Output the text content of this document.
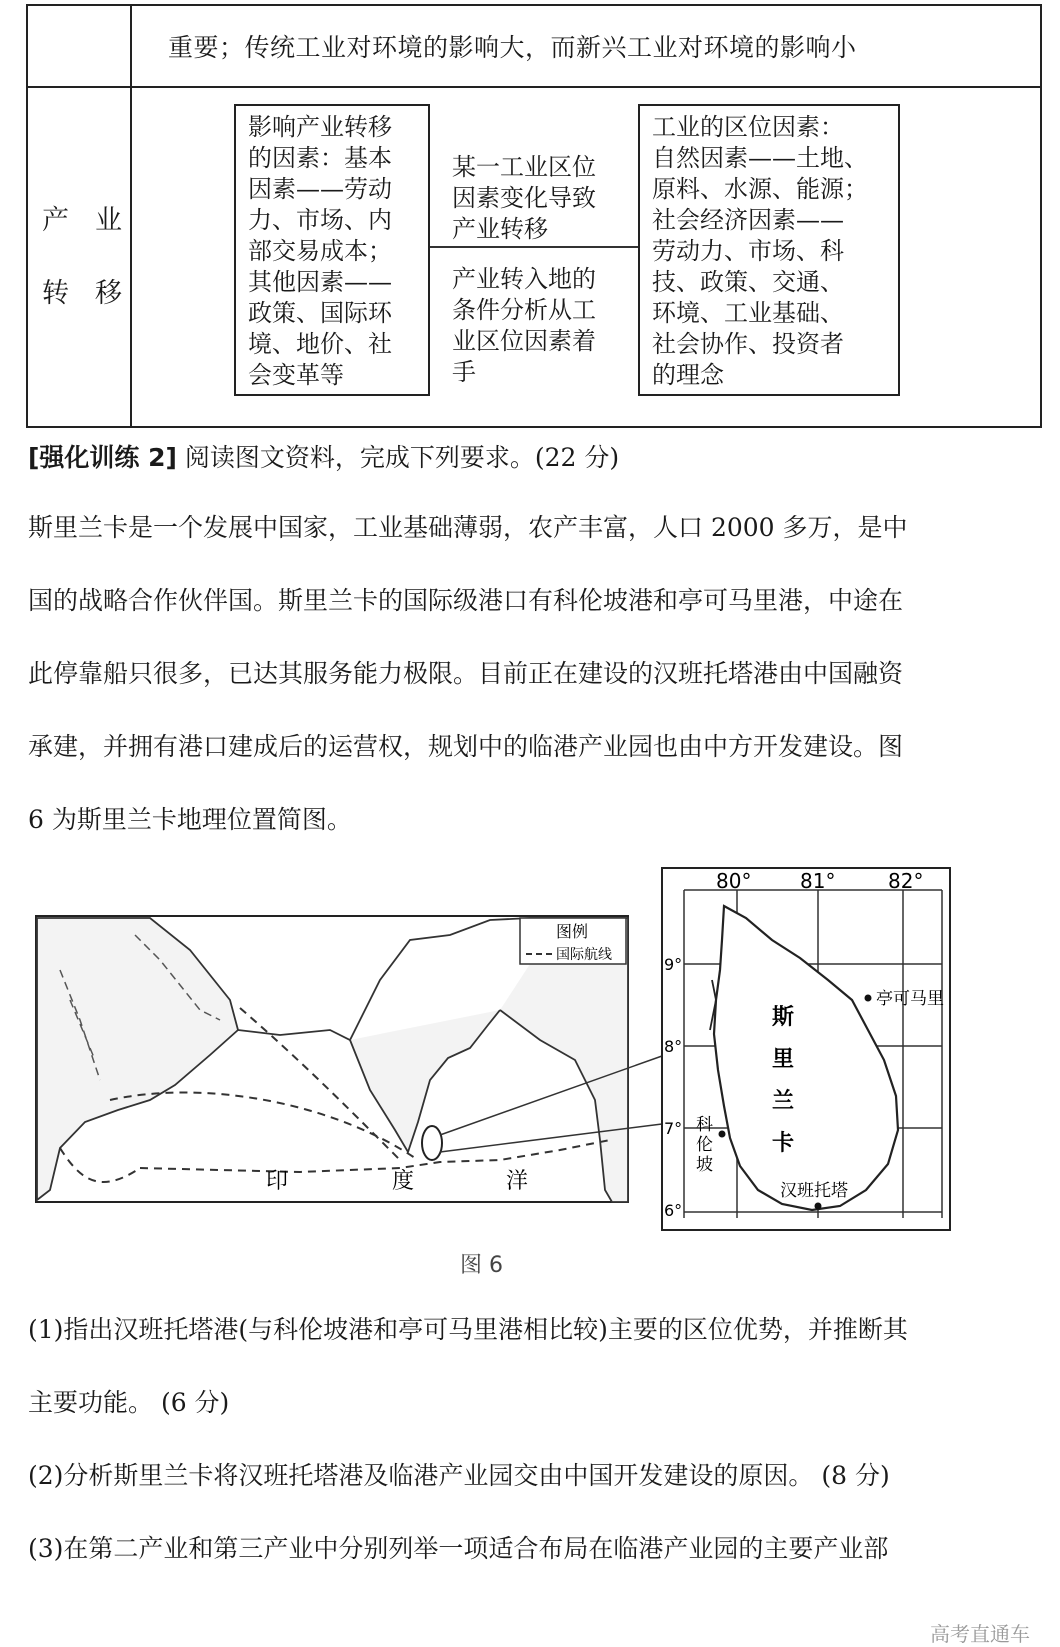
重要；传统工业对环境的影响大，而新兴工业对环境的影响小
产业
转移
影响产业转移
的因素：基本
因素——劳动
力、市场、内
部交易成本；
其他因素——
政策、国际环
境、地价、社
会变革等
某一工业区位
因素变化导致
产业转移
产业转入地的
条件分析从工
业区位因素着
手
工业的区位因素：
自然因素——土地、
原料、水源、能源；
社会经济因素——
劳动力、市场、科
技、政策、交通、
环境、工业基础、
社会协作、投资者
的理念
[强化训练 2] 阅读图文资料，完成下列要求。(22 分)
斯里兰卡是一个发展中国家，工业基础薄弱，农产丰富，人口 2000 多万，是中
国的战略合作伙伴国。斯里兰卡的国际级港口有科伦坡港和亭可马里港，中途在
此停靠船只很多，已达其服务能力极限。目前正在建设的汉班托塔港由中国融资
承建，并拥有港口建成后的运营权，规划中的临港产业园也由中方开发建设。图
6 为斯里兰卡地理位置简图。
图例
国际航线
印	度	洋
80° 81°	82°
9°
8°
7°
6°
斯
里
兰
卡
亭可马里
科
伦
坡
汉班托塔
图 6
(1)指出汉班托塔港(与科伦坡港和亭可马里港相比较)主要的区位优势，并推断其
主要功能。 (6 分)
(2)分析斯里兰卡将汉班托塔港及临港产业园交由中国开发建设的原因。 (8 分)
(3)在第二产业和第三产业中分别列举一项适合布局在临港产业园的主要产业部
高考直通车
